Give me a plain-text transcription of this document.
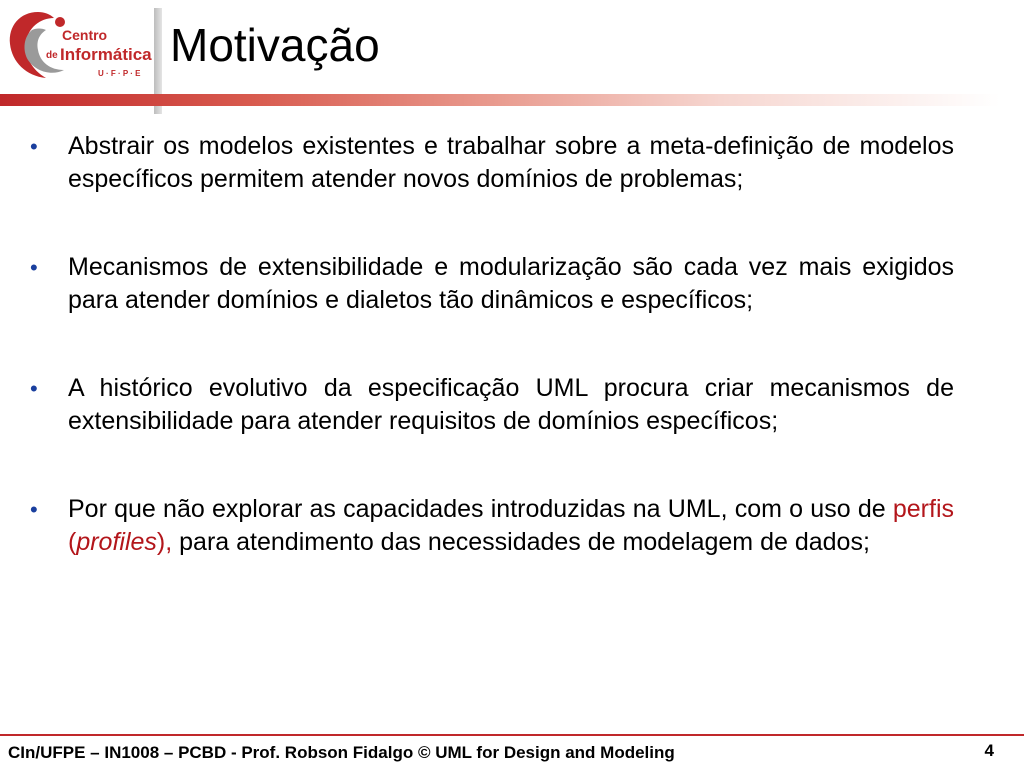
Centro
de Informática
U · F · P · E
Motivação
• Abstrair os modelos existentes e trabalhar sobre a meta-definição de modelos específicos permitem atender novos domínios de problemas;
• Mecanismos de extensibilidade e modularização são cada vez mais exigidos para atender domínios e dialetos tão dinâmicos e específicos;
• A histórico evolutivo da especificação UML procura criar mecanismos de extensibilidade para atender requisitos de domínios específicos;
• Por que não explorar as capacidades introduzidas na UML, com o uso de perfis (profiles), para atendimento das necessidades de modelagem de dados;
CIn/UFPE – IN1008 – PCBD - Prof. Robson Fidalgo © UML for Design and Modeling	4
